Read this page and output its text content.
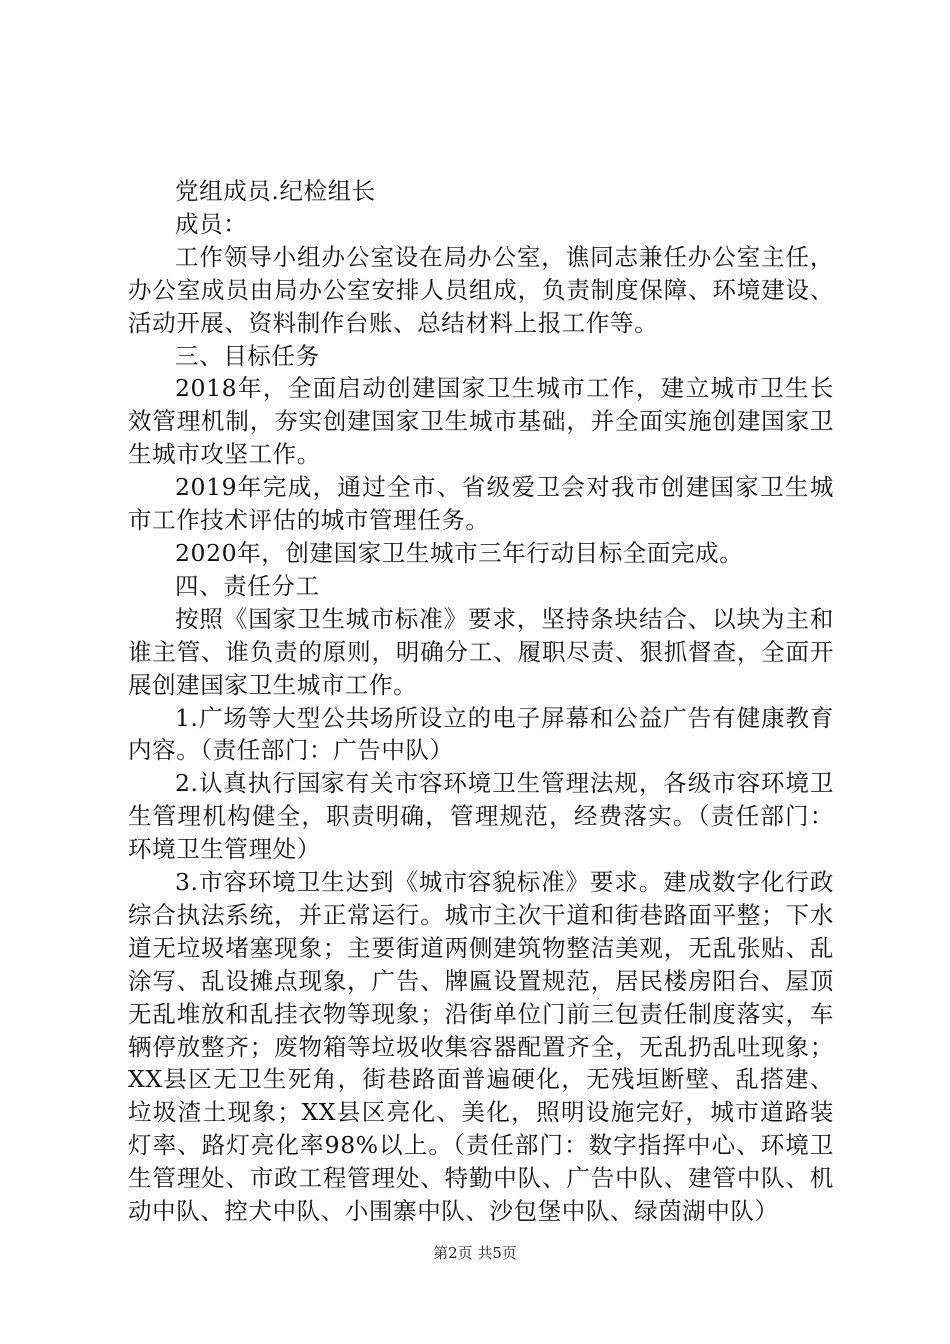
党组成员.纪检组长

成员：

工作领导小组办公室设在局办公室，谯同志兼任办公室主任，办公室成员由局办公室安排人员组成，负责制度保障、环境建设、活动开展、资料制作台账、总结材料上报工作等。

三、目标任务

2018年，全面启动创建国家卫生城市工作，建立城市卫生长效管理机制，夯实创建国家卫生城市基础，并全面实施创建国家卫生城市攻坚工作。

2019年完成，通过全市、省级爱卫会对我市创建国家卫生城市工作技术评估的城市管理任务。

2020年，创建国家卫生城市三年行动目标全面完成。

四、责任分工

按照《国家卫生城市标准》要求，坚持条块结合、以块为主和谁主管、谁负责的原则，明确分工、履职尽责、狠抓督查，全面开展创建国家卫生城市工作。

1.广场等大型公共场所设立的电子屏幕和公益广告有健康教育内容。（责任部门：广告中队）

2.认真执行国家有关市容环境卫生管理法规，各级市容环境卫生管理机构健全，职责明确，管理规范，经费落实。（责任部门：环境卫生管理处）

3.市容环境卫生达到《城市容貌标准》要求。建成数字化行政综合执法系统，并正常运行。城市主次干道和街巷路面平整；下水道无垃圾堵塞现象；主要街道两侧建筑物整洁美观，无乱张贴、乱涂写、乱设摊点现象，广告、牌匾设置规范，居民楼房阳台、屋顶无乱堆放和乱挂衣物等现象；沿街单位门前三包责任制度落实，车辆停放整齐；废物箱等垃圾收集容器配置齐全，无乱扔乱吐现象；XX县区无卫生死角，街巷路面普遍硬化，无残垣断壁、乱搭建、垃圾渣土现象；XX县区亮化、美化，照明设施完好，城市道路装灯率、路灯亮化率98%以上。（责任部门：数字指挥中心、环境卫生管理处、市政工程管理处、特勤中队、广告中队、建管中队、机动中队、控犬中队、小围寨中队、沙包堡中队、绿茵湖中队）

第2页 共5页
